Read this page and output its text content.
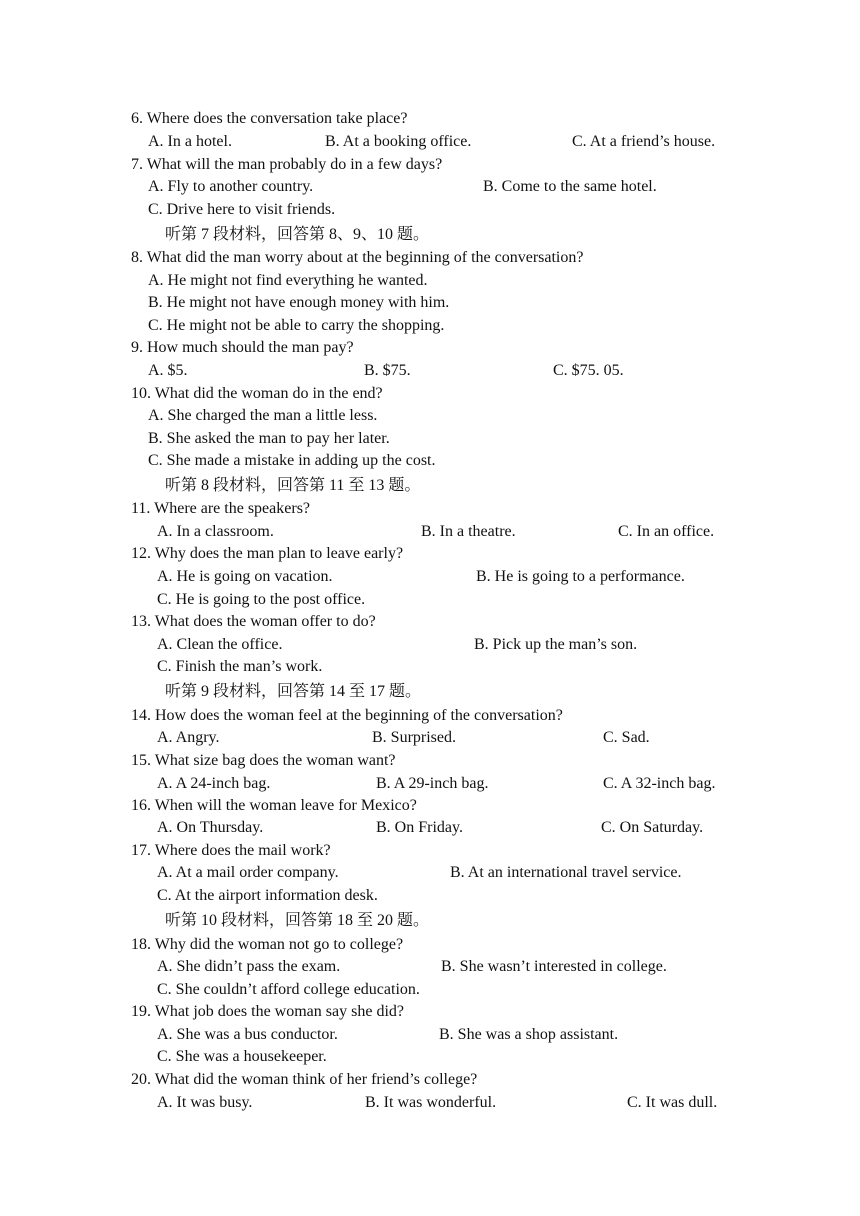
6. Where does the conversation take place?
A. In a hotel.	B. At a booking office.	C. At a friend’s house.
7. What will the man probably do in a few days?
A. Fly to another country.	B. Come to the same hotel.
C. Drive here to visit friends.
听第 7 段材料，回答第 8、9、10 题。
8. What did the man worry about at the beginning of the conversation?
A. He might not find everything he wanted.
B. He might not have enough money with him.
C. He might not be able to carry the shopping.
9. How much should the man pay?
A. $5.	B. $75.	C. $75. 05.
10. What did the woman do in the end?
A. She charged the man a little less.
B. She asked the man to pay her later.
C. She made a mistake in adding up the cost.
听第 8 段材料，回答第 11 至 13 题。
11. Where are the speakers?
A. In a classroom.	B. In a theatre.	C. In an office.
12. Why does the man plan to leave early?
A. He is going on vacation.	B. He is going to a performance.
C. He is going to the post office.
13. What does the woman offer to do?
A. Clean the office.	B. Pick up the man’s son.
C. Finish the man’s work.
听第 9 段材料，回答第 14 至 17 题。
14. How does the woman feel at the beginning of the conversation?
A. Angry.	B. Surprised.	C. Sad.
15. What size bag does the woman want?
A. A 24-inch bag.	B. A 29-inch bag.	C. A 32-inch bag.
16. When will the woman leave for Mexico?
A. On Thursday.	B. On Friday.	C. On Saturday.
17. Where does the mail work?
A. At a mail order company.	B. At an international travel service.
C. At the airport information desk.
听第 10 段材料，回答第 18 至 20 题。
18. Why did the woman not go to college?
A. She didn’t pass the exam.	B. She wasn’t interested in college.
C. She couldn’t afford college education.
19. What job does the woman say she did?
A. She was a bus conductor.	B. She was a shop assistant.
C. She was a housekeeper.
20. What did the woman think of her friend’s college?
A. It was busy.	B. It was wonderful.	C. It was dull.
